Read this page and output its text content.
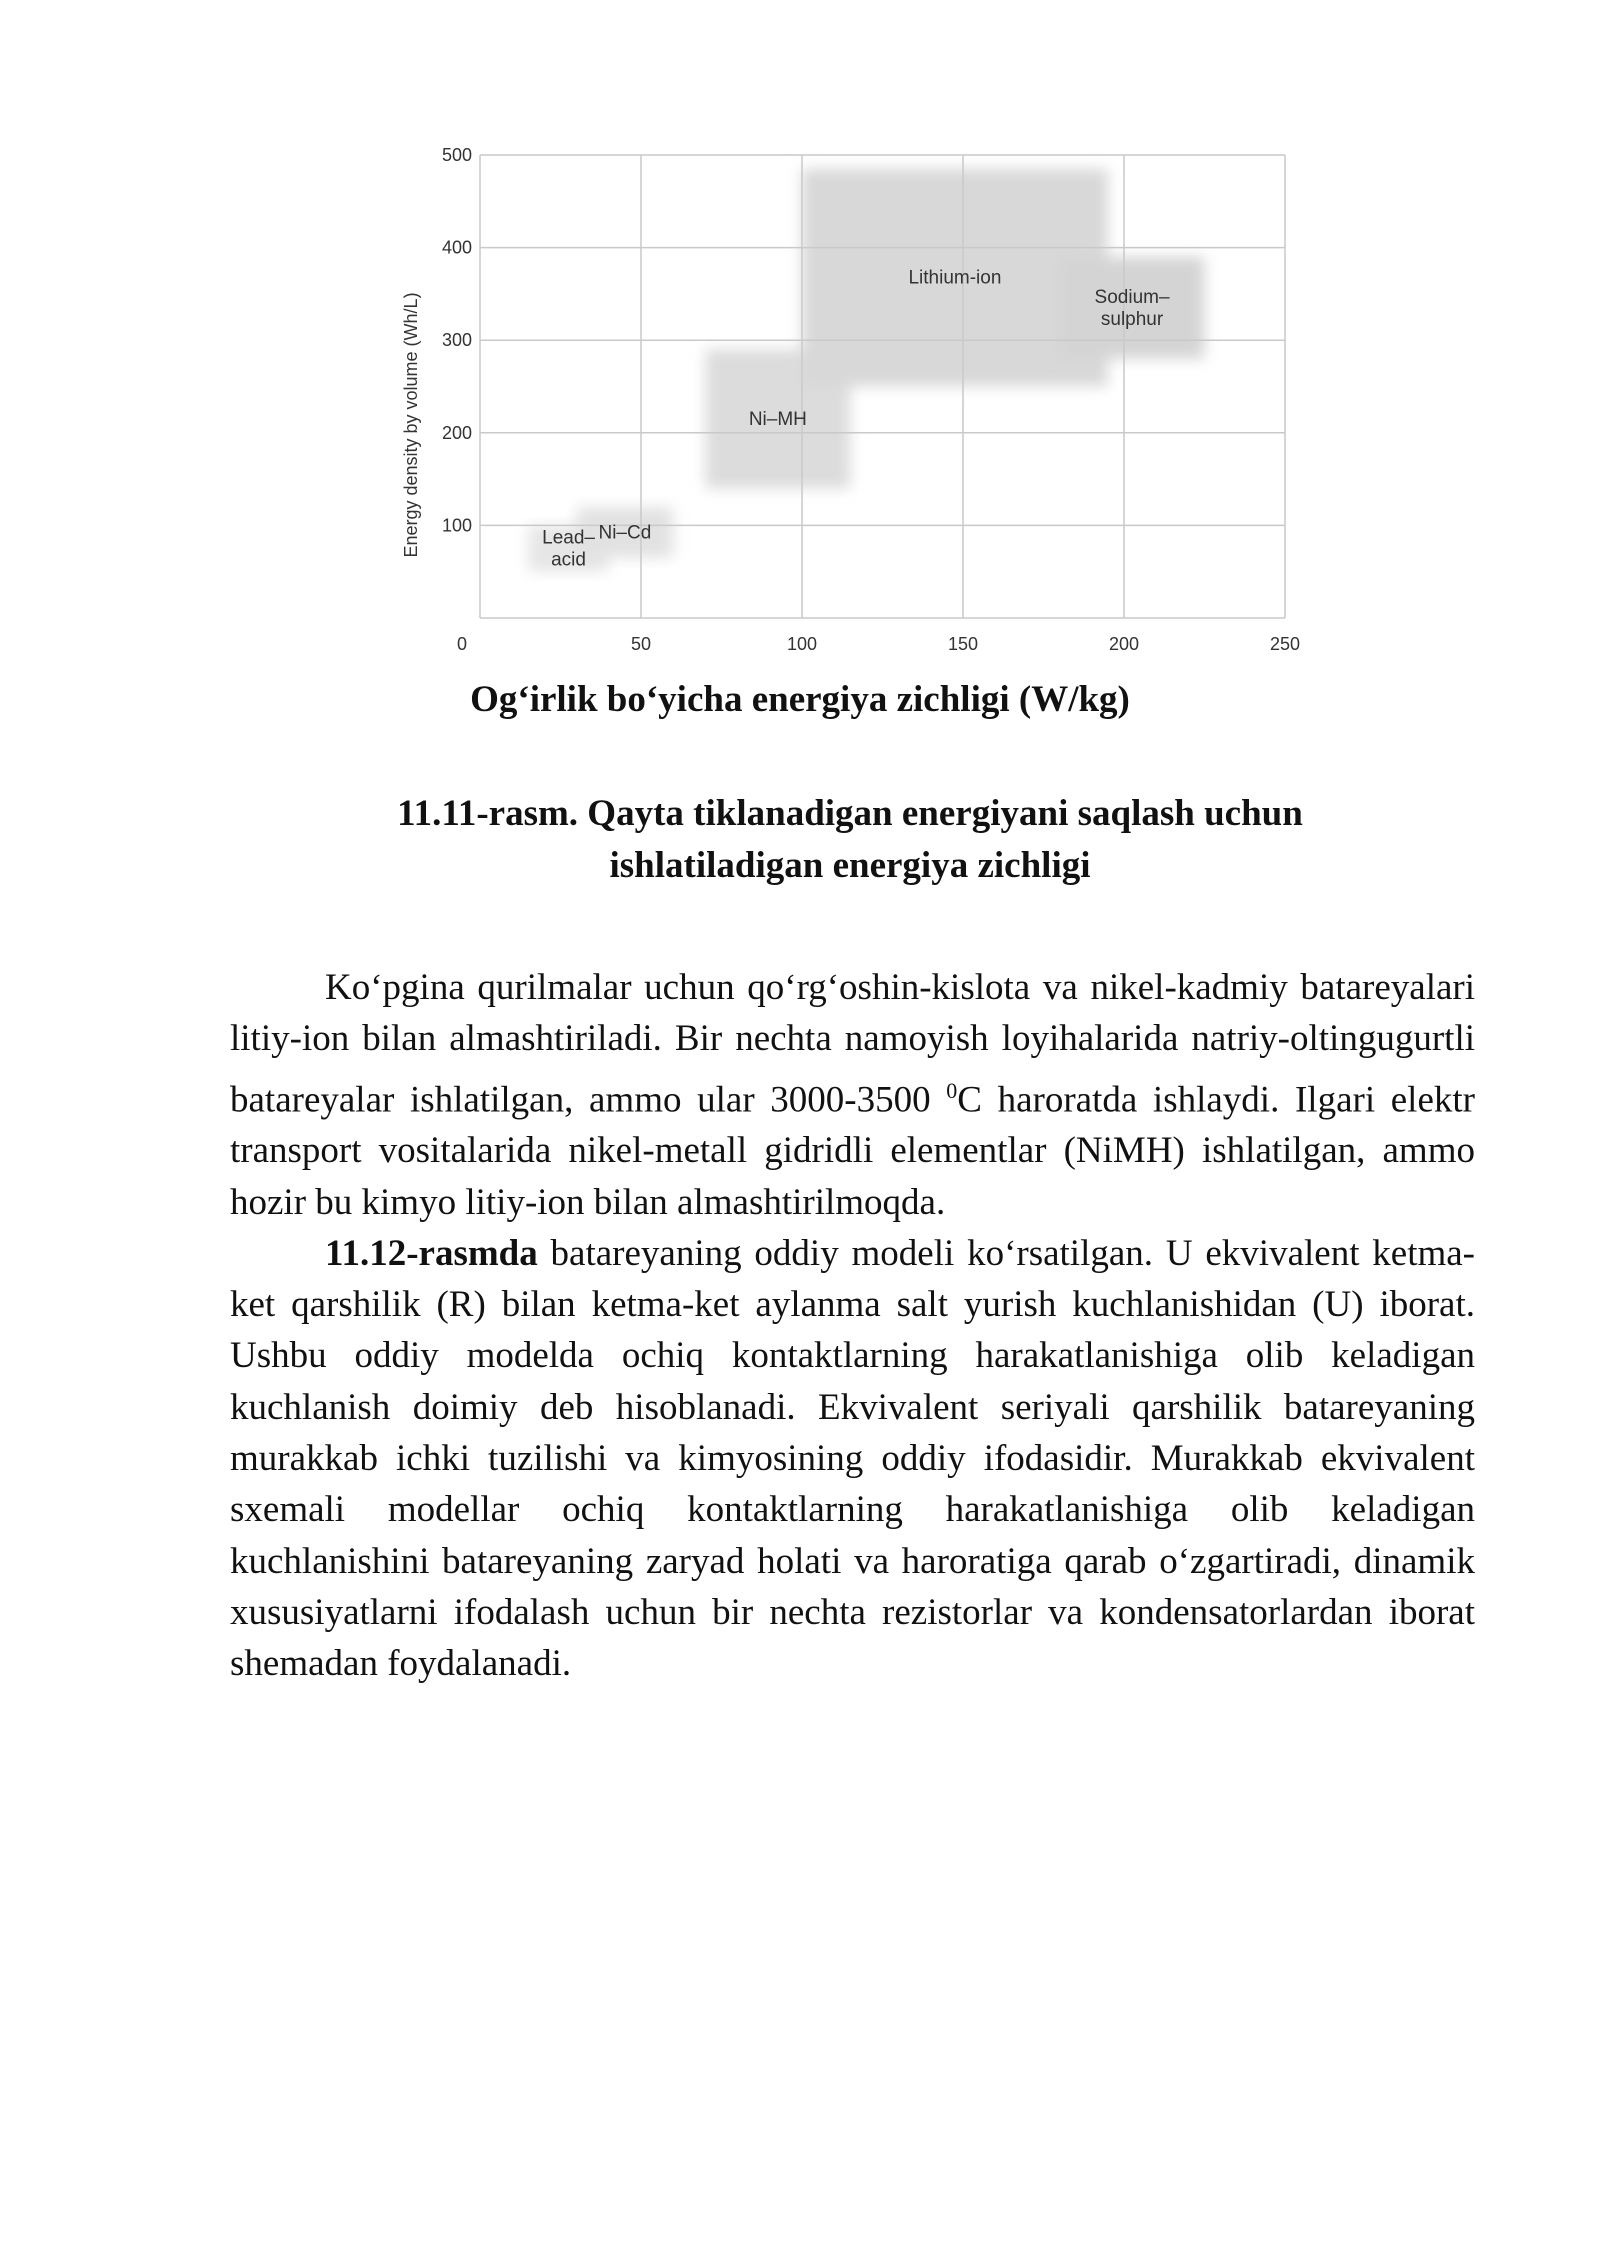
Lead–
acid
Ni–Cd
Ni–MH
Lithium-ion
Sodium–
sulphur
0	50	100	150	200	250
100
200
300
400
500
Energy density by volume (Wh/L)
Og‘irlik bo‘yicha energiya zichligi (W/kg)
11.11-rasm. Qayta tiklanadigan energiyani saqlash uchun
ishlatiladigan energiya zichligi

Ko‘pgina qurilmalar uchun qo‘rg‘oshin-kislota va nikel-kadmiy batareyalari litiy-ion bilan almashtiriladi. Bir nechta namoyish loyihalarida natriy-oltingugurtli batareyalar ishlatilgan, ammo ular 3000-3500 $^0$C haroratda ishlaydi. Ilgari elektr transport vositalarida nikel-metall gidridli elementlar (NiMH) ishlatilgan, ammo hozir bu kimyo litiy-ion bilan almashtirilmoqda.

11.12-rasmda batareyaning oddiy modeli ko‘rsatilgan. U ekvivalent ketma-ket qarshilik (R) bilan ketma-ket aylanma salt yurish kuchlanishidan (U) iborat. Ushbu oddiy modelda ochiq kontaktlarning harakatlanishiga olib keladigan kuchlanish doimiy deb hisoblanadi. Ekvivalent seriyali qarshilik batareyaning murakkab ichki tuzilishi va kimyosining oddiy ifodasidir. Murakkab ekvivalent sxemali modellar ochiq kontaktlarning harakatlanishiga olib keladigan kuchlanishini batareyaning zaryad holati va haroratiga qarab o‘zgartiradi, dinamik xususiyatlarni ifodalash uchun bir nechta rezistorlar va kondensatorlardan iborat shemadan foydalanadi.
